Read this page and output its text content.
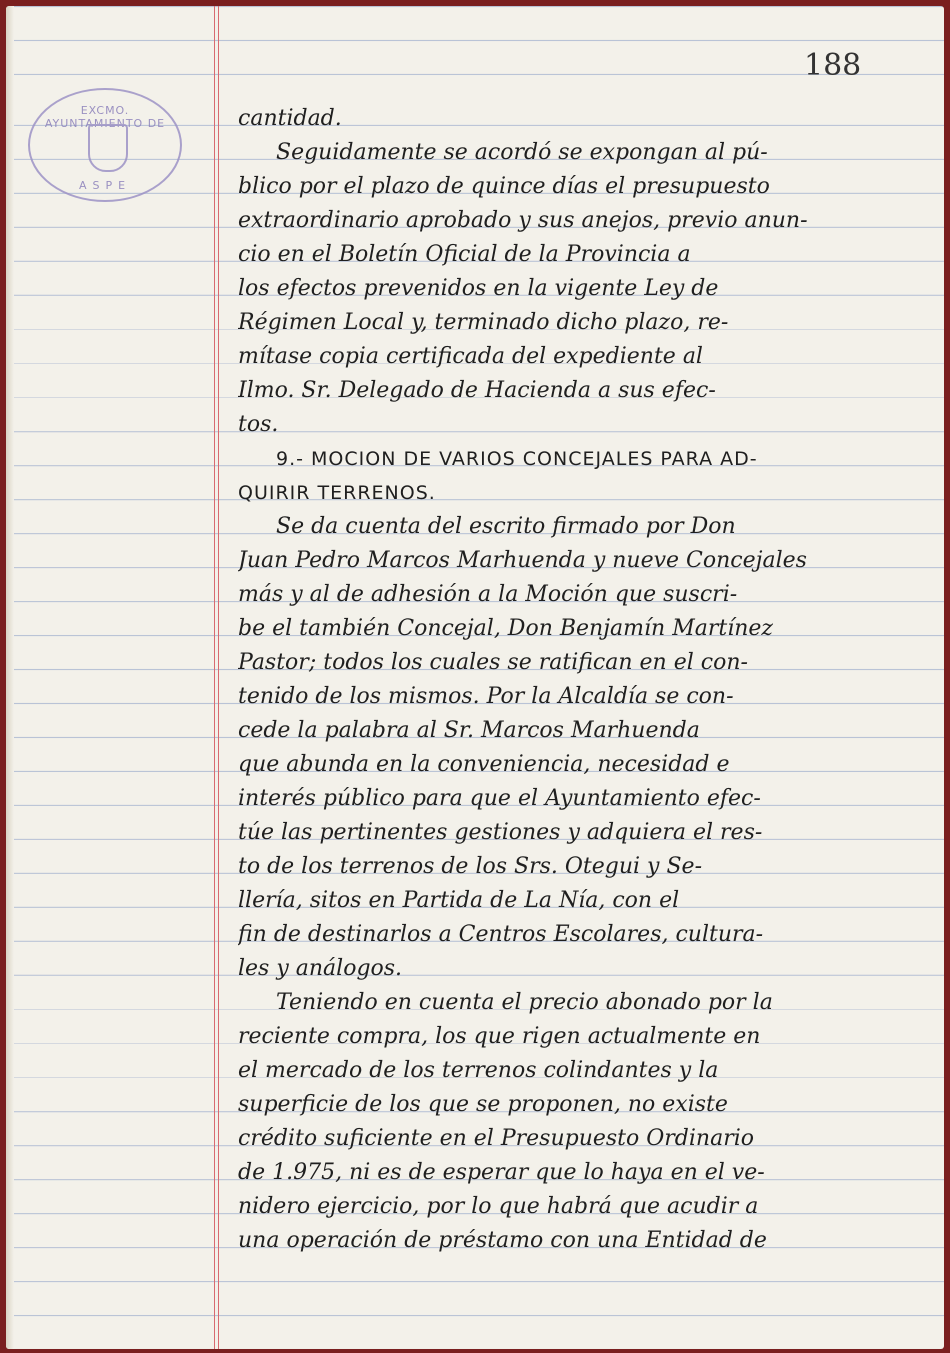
EXCMO. AYUNTAMIENTO DE
ASPE
188
cantidad.
Seguidamente se acordó se expongan al pú-
blico por el plazo de quince días el presupuesto
extraordinario aprobado y sus anejos, previo anun-
cio en el Boletín Oficial de la Provincia a
los efectos prevenidos en la vigente Ley de
Régimen Local y, terminado dicho plazo, re-
mítase copia certificada del expediente al
Ilmo. Sr. Delegado de Hacienda a sus efec-
tos.
9.- MOCION DE VARIOS CONCEJALES PARA AD-
QUIRIR TERRENOS.
Se da cuenta del escrito firmado por Don
Juan Pedro Marcos Marhuenda y nueve Concejales
más y al de adhesión a la Moción que suscri-
be el también Concejal, Don Benjamín Martínez
Pastor; todos los cuales se ratifican en el con-
tenido de los mismos. Por la Alcaldía se con-
cede la palabra al Sr. Marcos Marhuenda
que abunda en la conveniencia, necesidad e
interés público para que el Ayuntamiento efec-
túe las pertinentes gestiones y adquiera el res-
to de los terrenos de los Srs. Otegui y Se-
llería, sitos en Partida de La Nía, con el
fin de destinarlos a Centros Escolares, cultura-
les y análogos.
Teniendo en cuenta el precio abonado por la
reciente compra, los que rigen actualmente en
el mercado de los terrenos colindantes y la
superficie de los que se proponen, no existe
crédito suficiente en el Presupuesto Ordinario
de 1.975, ni es de esperar que lo haya en el ve-
nidero ejercicio, por lo que habrá que acudir a
una operación de préstamo con una Entidad de
